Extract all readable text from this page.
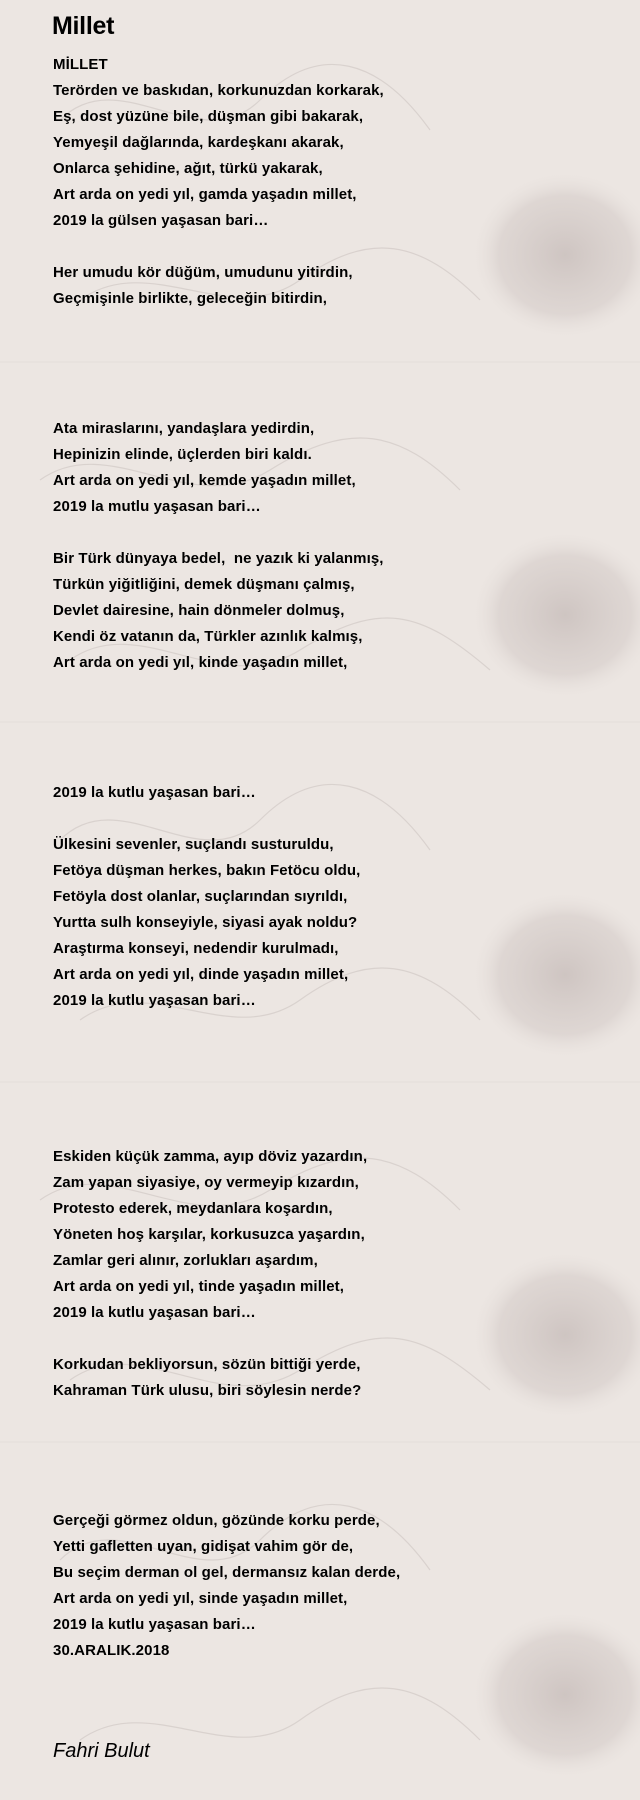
Millet
MİLLET
Terörden ve baskıdan, korkunuzdan korkarak,
Eş, dost yüzüne bile, düşman gibi bakarak,
Yemyeşil dağlarında, kardeşkanı akarak,
Onlarca şehidine, ağıt, türkü yakarak,
Art arda on yedi yıl, gamda yaşadın millet,
2019 la gülsen yaşasan bari…
Her umudu kör düğüm, umudunu yitirdin,
Geçmişinle birlikte, geleceğin bitirdin,
Ata miraslarını, yandaşlara yedirdin,
Hepinizin elinde, üçlerden biri kaldı.
Art arda on yedi yıl, kemde yaşadın millet,
2019 la mutlu yaşasan bari…
Bir Türk dünyaya bedel,  ne yazık ki yalanmış,
Türkün yiğitliğini, demek düşmanı çalmış,
Devlet dairesine, hain dönmeler dolmuş,
Kendi öz vatanın da, Türkler azınlık kalmış,
Art arda on yedi yıl, kinde yaşadın millet,
2019 la kutlu yaşasan bari…
Ülkesini sevenler, suçlandı susturuldu,
Fetöya düşman herkes, bakın Fetöcu oldu,
Fetöyla dost olanlar, suçlarından sıyrıldı,
Yurtta sulh konseyiyle, siyasi ayak noldu?
Araştırma konseyi, nedendir kurulmadı,
Art arda on yedi yıl, dinde yaşadın millet,
2019 la kutlu yaşasan bari…
Eskiden küçük zamma, ayıp döviz yazardın,
Zam yapan siyasiye, oy vermeyip kızardın,
Protesto ederek, meydanlara koşardın,
Yöneten hoş karşılar, korkusuzca yaşardın,
Zamlar geri alınır, zorlukları aşardım,
Art arda on yedi yıl, tinde yaşadın millet,
2019 la kutlu yaşasan bari…
Korkudan bekliyorsun, sözün bittiği yerde,
Kahraman Türk ulusu, biri söylesin nerde?
Gerçeği görmez oldun, gözünde korku perde,
Yetti gafletten uyan, gidişat vahim gör de,
Bu seçim derman ol gel, dermansız kalan derde,
Art arda on yedi yıl, sinde yaşadın millet,
2019 la kutlu yaşasan bari…
30.ARALIK.2018
Fahri Bulut
